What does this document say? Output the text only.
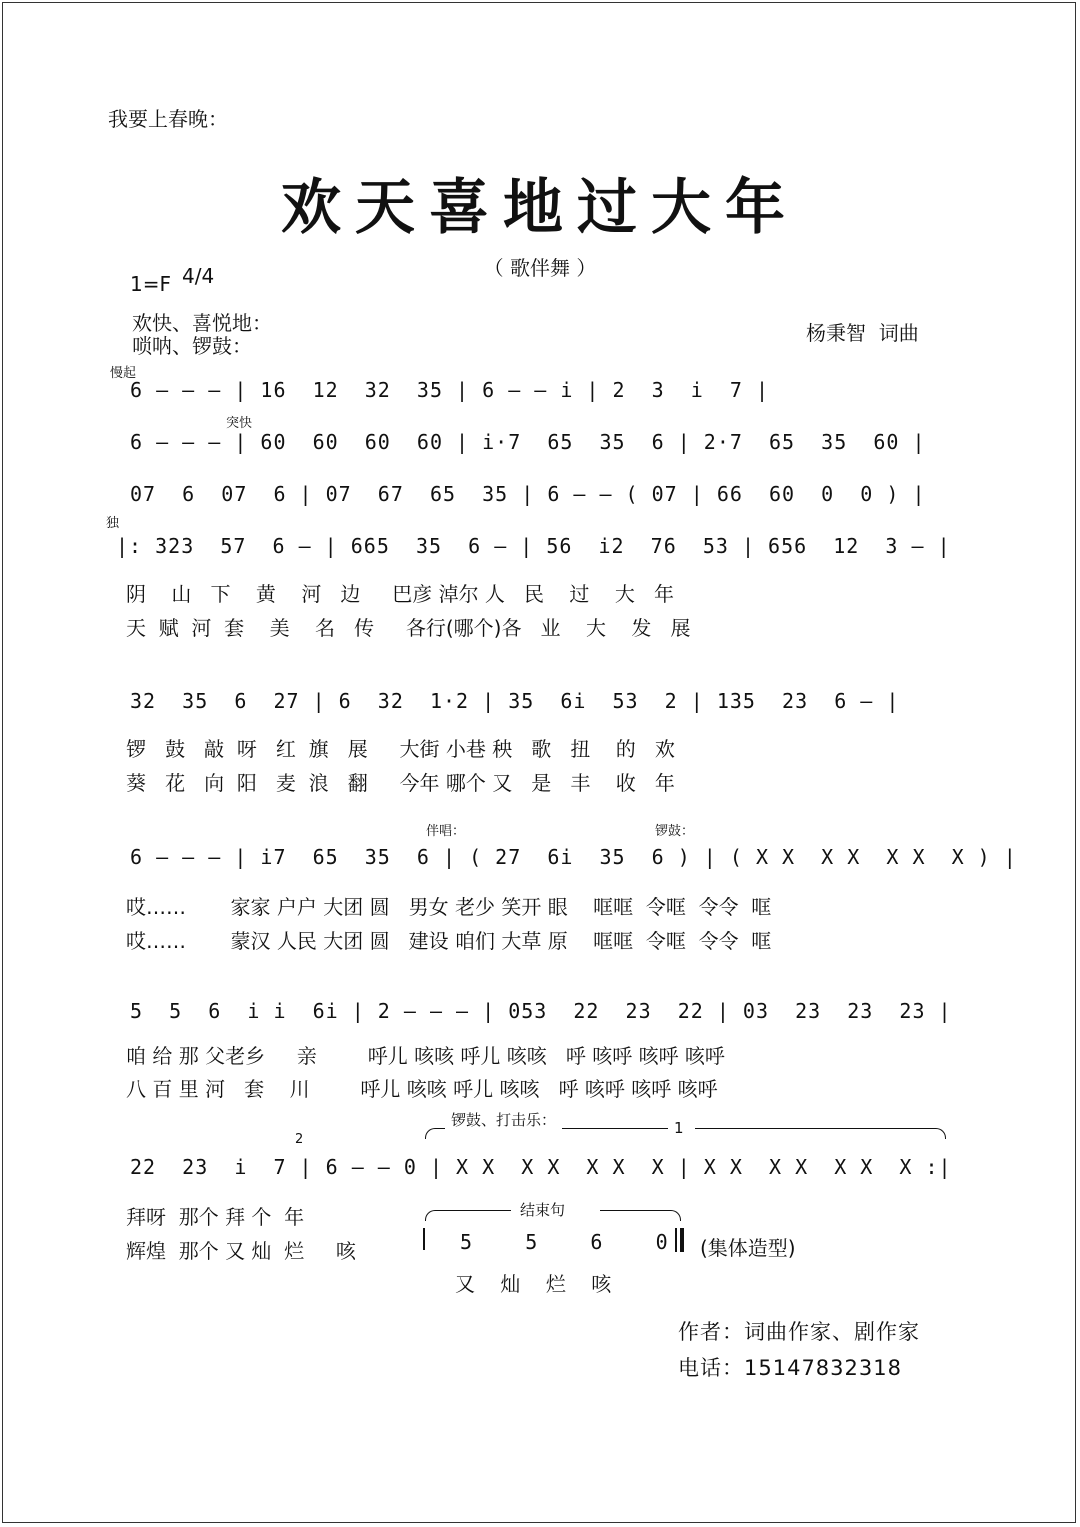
我要上春晚：
欢天喜地过大年
（ 歌伴舞 ）
1=F 4/4
欢快、喜悦地：
唢呐、锣鼓：
杨秉智  词曲
慢起
突快
独
伴唱：	锣鼓：
2
6 — — — | 16  12  32  35 | 6 — — i | 2  3  i  7 |
6 — — — | 60  60  60  60 | i·7  65  35  6 | 2·7  65  35  60 |
07  6  07  6 | 07  67  65  35 | 6 — — ( 07 | 66  60  0  0 ) |
|: 323  57  6 — | 665  35  6 — | 56  i2  76  53 | 656  12  3 — |
阴    山   下    黄    河   边     巴彦 淖尔 人   民    过    大   年
天  赋  河  套    美    名   传     各行(哪个)各   业    大    发   展
32  35  6  27 | 6  32  1·2 | 35  6i  53  2 | 135  23  6 — |
锣   鼓   敲  呀   红  旗   展     大街 小巷 秧   歌   扭    的   欢
葵   花   向  阳   麦  浪   翻     今年 哪个 又   是   丰    收   年
6 — — — | i7  65  35  6 | ( 27  6i  35  6 ) | ( X X  X X  X X  X ) |
哎……       家家 户户 大团 圆   男女 老少 笑开 眼    哐哐  令哐  令令  哐
哎……       蒙汉 人民 大团 圆   建设 咱们 大草 原    哐哐  令哐  令令  哐
5  5  6  i i  6i | 2 — — — | 053  22  23  22 | 03  23  23  23 |
咱 给 那 父老乡     亲        呼儿 咳咳 呼儿 咳咳   呼 咳呼 咳呼 咳呼
八 百 里 河   套    川        呼儿 咳咳 呼儿 咳咳   呼 咳呼 咳呼 咳呼
锣鼓、打击乐：	1
22  23  i  7 | 6 — — 0 | X X  X X  X X  X | X X  X X  X X  X :|
拜呀  那个 拜 个  年
辉煌  那个 又 灿  烂     咳
结束句
5    5    6    0 (集体造型)
又    灿    烂    咳
作者：词曲作家、剧作家
电话：15147832318
